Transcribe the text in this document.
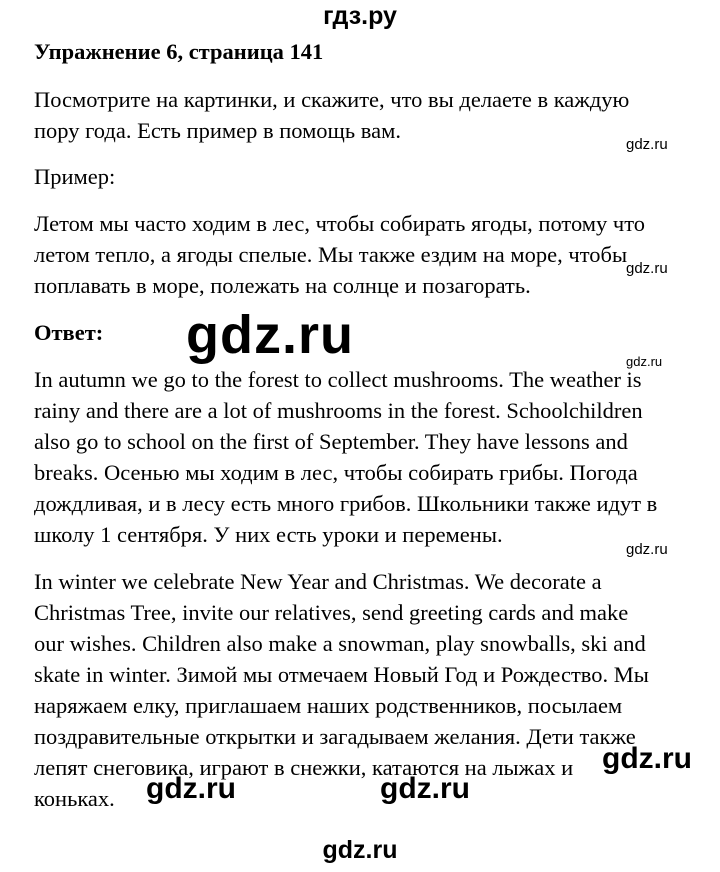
гдз.ру
Упражнение 6, страница 141
Посмотрите на картинки, и скажите, что вы делаете в каждую
пору года. Есть пример в помощь вам.
gdz.ru
Пример:
Летом мы часто ходим в лес, чтобы собирать ягоды, потому что
летом тепло, а ягоды спелые. Мы также ездим на море, чтобы
gdz.ru
поплавать в море, полежать на солнце и позагорать.
Ответ: gdz.ru	gdz.ru
In autumn we go to the forest to collect mushrooms. The weather is
rainy and there are a lot of mushrooms in the forest. Schoolchildren
also go to school on the first of September. They have lessons and
breaks. Осенью мы ходим в лес, чтобы собирать грибы. Погода
дождливая, и в лесу есть много грибов. Школьники также идут в
школу 1 сентября. У них есть уроки и перемены.
gdz.ru
In winter we celebrate New Year and Christmas. We decorate a
Christmas Tree, invite our relatives, send greeting cards and make
our wishes. Children also make a snowman, play snowballs, ski and
skate in winter. Зимой мы отмечаем Новый Год и Рождество. Мы
наряжаем елку, приглашаем наших родственников, посылаем
поздравительные открытки и загадываем желания. Дети также
лепят снеговика, играют в снежки, катаются на лыжах и gdz.ru
коньках. gdz.ru	gdz.ru
gdz.ru
